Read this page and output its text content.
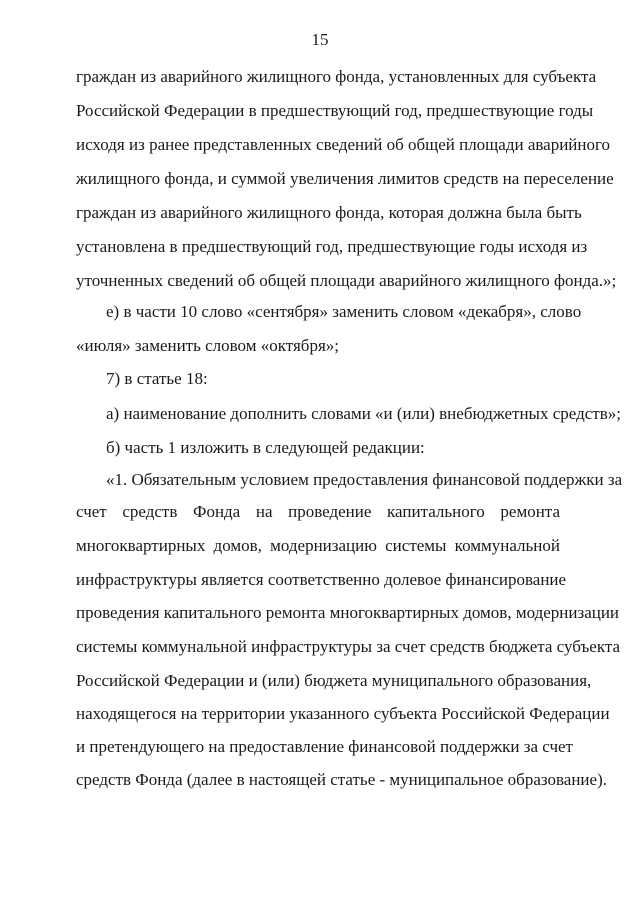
15
граждан из аварийного жилищного фонда, установленных для субъекта
Российской Федерации в предшествующий год, предшествующие годы
исходя из ранее представленных сведений об общей площади аварийного
жилищного фонда, и суммой увеличения лимитов средств на переселение
граждан из аварийного жилищного фонда, которая должна была быть
установлена в предшествующий год, предшествующие годы исходя из
уточненных сведений об общей площади аварийного жилищного фонда.»;
е) в части 10 слово «сентября» заменить словом «декабря», слово
«июля» заменить словом «октября»;
7) в статье 18:
а) наименование дополнить словами «и (или) внебюджетных средств»;
б) часть 1 изложить в следующей редакции:
«1. Обязательным условием предоставления финансовой поддержки за
счет средств Фонда на проведение капитального ремонта
многоквартирных домов, модернизацию системы коммунальной
инфраструктуры является соответственно долевое финансирование
проведения капитального ремонта многоквартирных домов, модернизации
системы коммунальной инфраструктуры за счет средств бюджета субъекта
Российской Федерации и (или) бюджета муниципального образования,
находящегося на территории указанного субъекта Российской Федерации
и претендующего на предоставление финансовой поддержки за счет
средств Фонда (далее в настоящей статье - муниципальное образование).
